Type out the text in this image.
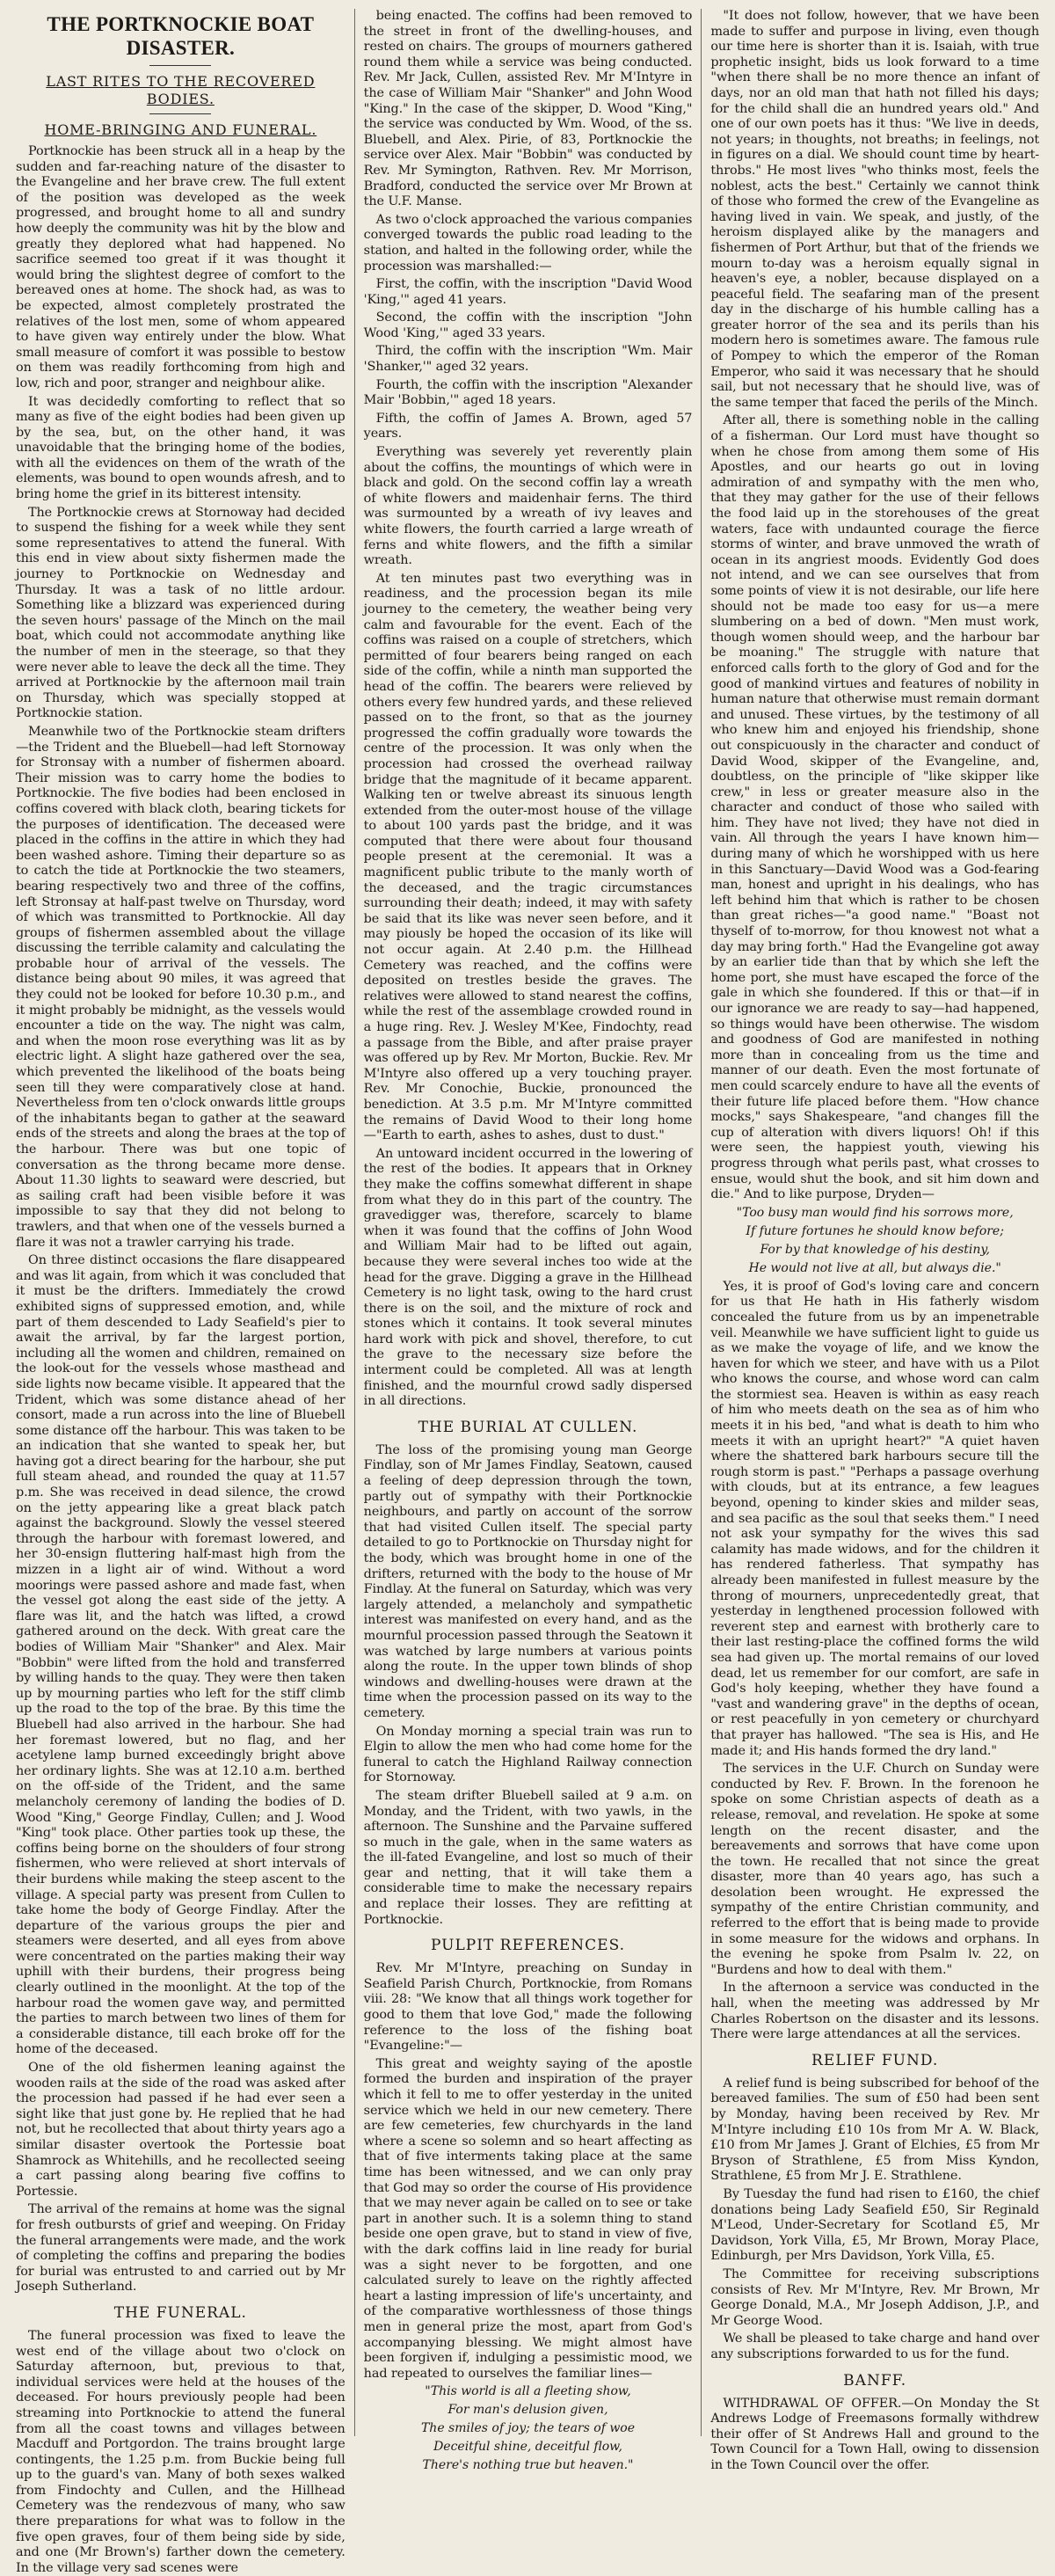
THE PORTKNOCKIE BOAT DISASTER.
LAST RITES TO THE RECOVERED BODIES.
HOME-BRINGING AND FUNERAL.

Portknockie has been struck all in a heap by the sudden and far-reaching nature of the disaster to the Evangeline and her brave crew. The full extent of the position was developed as the week progressed, and brought home to all and sundry how deeply the community was hit by the blow and greatly they deplored what had happened. No sacrifice seemed too great if it was thought it would bring the slightest degree of comfort to the bereaved ones at home. The shock had, as was to be expected, almost completely prostrated the relatives of the lost men, some of whom appeared to have given way entirely under the blow. What small measure of comfort it was possible to bestow on them was readily forthcoming from high and low, rich and poor, stranger and neighbour alike.

It was decidedly comforting to reflect that so many as five of the eight bodies had been given up by the sea, but, on the other hand, it was unavoidable that the bringing home of the bodies, with all the evidences on them of the wrath of the elements, was bound to open wounds afresh, and to bring home the grief in its bitterest intensity.

The Portknockie crews at Stornoway had decided to suspend the fishing for a week while they sent some representatives to attend the funeral. With this end in view about sixty fishermen made the journey to Portknockie on Wednesday and Thursday. It was a task of no little ardour. Something like a blizzard was experienced during the seven hours' passage of the Minch on the mail boat, which could not accommodate anything like the number of men in the steerage, so that they were never able to leave the deck all the time. They arrived at Portknockie by the afternoon mail train on Thursday, which was specially stopped at Portknockie station.

Meanwhile two of the Portknockie steam drifters—the Trident and the Bluebell—had left Stornoway for Stronsay with a number of fishermen aboard. Their mission was to carry home the bodies to Portknockie. The five bodies had been enclosed in coffins covered with black cloth, bearing tickets for the purposes of identification. The deceased were placed in the coffins in the attire in which they had been washed ashore. Timing their departure so as to catch the tide at Portknockie the two steamers, bearing respectively two and three of the coffins, left Stronsay at half-past twelve on Thursday, word of which was transmitted to Portknockie. All day groups of fishermen assembled about the village discussing the terrible calamity and calculating the probable hour of arrival of the vessels. The distance being about 90 miles, it was agreed that they could not be looked for before 10.30 p.m., and it might probably be midnight, as the vessels would encounter a tide on the way. The night was calm, and when the moon rose everything was lit as by electric light. A slight haze gathered over the sea, which prevented the likelihood of the boats being seen till they were comparatively close at hand. Nevertheless from ten o'clock onwards little groups of the inhabitants began to gather at the seaward ends of the streets and along the braes at the top of the harbour. There was but one topic of conversation as the throng became more dense. About 11.30 lights to seaward were descried, but as sailing craft had been visible before it was impossible to say that they did not belong to trawlers, and that when one of the vessels burned a flare it was not a trawler carrying his trade.

On three distinct occasions the flare disappeared and was lit again, from which it was concluded that it must be the drifters. Immediately the crowd exhibited signs of suppressed emotion, and, while part of them descended to Lady Seafield's pier to await the arrival, by far the largest portion, including all the women and children, remained on the look-out for the vessels whose masthead and side lights now became visible. It appeared that the Trident, which was some distance ahead of her consort, made a run across into the line of Bluebell some distance off the harbour. This was taken to be an indication that she wanted to speak her, but having got a direct bearing for the harbour, she put full steam ahead, and rounded the quay at 11.57 p.m. She was received in dead silence, the crowd on the jetty appearing like a great black patch against the background. Slowly the vessel steered through the harbour with foremast lowered, and her 30-ensign fluttering half-mast high from the mizzen in a light air of wind. Without a word moorings were passed ashore and made fast, when the vessel got along the east side of the jetty. A flare was lit, and the hatch was lifted, a crowd gathered around on the deck. With great care the bodies of William Mair "Shanker" and Alex. Mair "Bobbin" were lifted from the hold and transferred by willing hands to the quay. They were then taken up by mourning parties who left for the stiff climb up the road to the top of the brae. By this time the Bluebell had also arrived in the harbour. She had her foremast lowered, but no flag, and her acetylene lamp burned exceedingly bright above her ordinary lights. She was at 12.10 a.m. berthed on the off-side of the Trident, and the same melancholy ceremony of landing the bodies of D. Wood "King," George Findlay, Cullen; and J. Wood "King" took place. Other parties took up these, the coffins being borne on the shoulders of four strong fishermen, who were relieved at short intervals of their burdens while making the steep ascent to the village. A special party was present from Cullen to take home the body of George Findlay. After the departure of the various groups the pier and steamers were deserted, and all eyes from above were concentrated on the parties making their way uphill with their burdens, their progress being clearly outlined in the moonlight. At the top of the harbour road the women gave way, and permitted the parties to march between two lines of them for a considerable distance, till each broke off for the home of the deceased.

One of the old fishermen leaning against the wooden rails at the side of the road was asked after the procession had passed if he had ever seen a sight like that just gone by. He replied that he had not, but he recollected that about thirty years ago a similar disaster overtook the Portessie boat Shamrock as Whitehills, and he recollected seeing a cart passing along bearing five coffins to Portessie.

The arrival of the remains at home was the signal for fresh outbursts of grief and weeping. On Friday the funeral arrangements were made, and the work of completing the coffins and preparing the bodies for burial was entrusted to and carried out by Mr Joseph Sutherland.

THE FUNERAL.

The funeral procession was fixed to leave the west end of the village about two o'clock on Saturday afternoon, but, previous to that, individual services were held at the houses of the deceased. For hours previously people had been streaming into Portknockie to attend the funeral from all the coast towns and villages between Macduff and Portgordon. The trains brought large contingents, the 1.25 p.m. from Buckie being full up to the guard's van. Many of both sexes walked from Findochty and Cullen, and the Hillhead Cemetery was the rendezvous of many, who saw there preparations for what was to follow in the five open graves, four of them being side by side, and one (Mr Brown's) farther down the cemetery. In the village very sad scenes were

being enacted. The coffins had been removed to the street in front of the dwelling-houses, and rested on chairs. The groups of mourners gathered round them while a service was being conducted. Rev. Mr Jack, Cullen, assisted Rev. Mr M'Intyre in the case of William Mair "Shanker" and John Wood "King." In the case of the skipper, D. Wood "King," the service was conducted by Wm. Wood, of the ss. Bluebell, and Alex. Pirie, of 83, Portknockie the service over Alex. Mair "Bobbin" was conducted by Rev. Mr Symington, Rathven. Rev. Mr Morrison, Bradford, conducted the service over Mr Brown at the U.F. Manse.

As two o'clock approached the various companies converged towards the public road leading to the station, and halted in the following order, while the procession was marshalled:—

First, the coffin, with the inscription "David Wood 'King,'" aged 41 years.

Second, the coffin with the inscription "John Wood 'King,'" aged 33 years.

Third, the coffin with the inscription "Wm. Mair 'Shanker,'" aged 32 years.

Fourth, the coffin with the inscription "Alexander Mair 'Bobbin,'" aged 18 years.

Fifth, the coffin of James A. Brown, aged 57 years.

Everything was severely yet reverently plain about the coffins, the mountings of which were in black and gold. On the second coffin lay a wreath of white flowers and maidenhair ferns. The third was surmounted by a wreath of ivy leaves and white flowers, the fourth carried a large wreath of ferns and white flowers, and the fifth a similar wreath.

At ten minutes past two everything was in readiness, and the procession began its mile journey to the cemetery, the weather being very calm and favourable for the event. Each of the coffins was raised on a couple of stretchers, which permitted of four bearers being ranged on each side of the coffin, while a ninth man supported the head of the coffin. The bearers were relieved by others every few hundred yards, and these relieved passed on to the front, so that as the journey progressed the coffin gradually wore towards the centre of the procession. It was only when the procession had crossed the overhead railway bridge that the magnitude of it became apparent. Walking ten or twelve abreast its sinuous length extended from the outer-most house of the village to about 100 yards past the bridge, and it was computed that there were about four thousand people present at the ceremonial. It was a magnificent public tribute to the manly worth of the deceased, and the tragic circumstances surrounding their death; indeed, it may with safety be said that its like was never seen before, and it may piously be hoped the occasion of its like will not occur again. At 2.40 p.m. the Hillhead Cemetery was reached, and the coffins were deposited on trestles beside the graves. The relatives were allowed to stand nearest the coffins, while the rest of the assemblage crowded round in a huge ring. Rev. J. Wesley M'Kee, Findochty, read a passage from the Bible, and after praise prayer was offered up by Rev. Mr Morton, Buckie. Rev. Mr M'Intyre also offered up a very touching prayer. Rev. Mr Conochie, Buckie, pronounced the benediction. At 3.5 p.m. Mr M'Intyre committed the remains of David Wood to their long home—"Earth to earth, ashes to ashes, dust to dust."

An untoward incident occurred in the lowering of the rest of the bodies. It appears that in Orkney they make the coffins somewhat different in shape from what they do in this part of the country. The gravedigger was, therefore, scarcely to blame when it was found that the coffins of John Wood and William Mair had to be lifted out again, because they were several inches too wide at the head for the grave. Digging a grave in the Hillhead Cemetery is no light task, owing to the hard crust there is on the soil, and the mixture of rock and stones which it contains. It took several minutes hard work with pick and shovel, therefore, to cut the grave to the necessary size before the interment could be completed. All was at length finished, and the mournful crowd sadly dispersed in all directions.

THE BURIAL AT CULLEN.

The loss of the promising young man George Findlay, son of Mr James Findlay, Seatown, caused a feeling of deep depression through the town, partly out of sympathy with their Portknockie neighbours, and partly on account of the sorrow that had visited Cullen itself. The special party detailed to go to Portknockie on Thursday night for the body, which was brought home in one of the drifters, returned with the body to the house of Mr Findlay. At the funeral on Saturday, which was very largely attended, a melancholy and sympathetic interest was manifested on every hand, and as the mournful procession passed through the Seatown it was watched by large numbers at various points along the route. In the upper town blinds of shop windows and dwelling-houses were drawn at the time when the procession passed on its way to the cemetery.

On Monday morning a special train was run to Elgin to allow the men who had come home for the funeral to catch the Highland Railway connection for Stornoway.

The steam drifter Bluebell sailed at 9 a.m. on Monday, and the Trident, with two yawls, in the afternoon. The Sunshine and the Parvaine suffered so much in the gale, when in the same waters as the ill-fated Evangeline, and lost so much of their gear and netting, that it will take them a considerable time to make the necessary repairs and replace their losses. They are refitting at Portknockie.

PULPIT REFERENCES.

Rev. Mr M'Intyre, preaching on Sunday in Seafield Parish Church, Portknockie, from Romans viii. 28: "We know that all things work together for good to them that love God," made the following reference to the loss of the fishing boat "Evangeline:"—

This great and weighty saying of the apostle formed the burden and inspiration of the prayer which it fell to me to offer yesterday in the united service which we held in our new cemetery. There are few cemeteries, few churchyards in the land where a scene so solemn and so heart affecting as that of five interments taking place at the same time has been witnessed, and we can only pray that God may so order the course of His providence that we may never again be called on to see or take part in another such. It is a solemn thing to stand beside one open grave, but to stand in view of five, with the dark coffins laid in line ready for burial was a sight never to be forgotten, and one calculated surely to leave on the rightly affected heart a lasting impression of life's uncertainty, and of the comparative worthlessness of those things men in general prize the most, apart from God's accompanying blessing. We might almost have been forgiven if, indulging a pessimistic mood, we had repeated to ourselves the familiar lines—

"This world is all a fleeting show,
For man's delusion given,
The smiles of joy; the tears of woe
Deceitful shine, deceitful flow,
There's nothing true but heaven."

"It does not follow, however, that we have been made to suffer and purpose in living, even though our time here is shorter than it is. Isaiah, with true prophetic insight, bids us look forward to a time "when there shall be no more thence an infant of days, nor an old man that hath not filled his days; for the child shall die an hundred years old." And one of our own poets has it thus: "We live in deeds, not years; in thoughts, not breaths; in feelings, not in figures on a dial. We should count time by heart-throbs." He most lives "who thinks most, feels the noblest, acts the best." Certainly we cannot think of those who formed the crew of the Evangeline as having lived in vain. We speak, and justly, of the heroism displayed alike by the managers and fishermen of Port Arthur, but that of the friends we mourn to-day was a heroism equally signal in heaven's eye, a nobler, because displayed on a peaceful field. The seafaring man of the present day in the discharge of his humble calling has a greater horror of the sea and its perils than his modern hero is sometimes aware. The famous rule of Pompey to which the emperor of the Roman Emperor, who said it was necessary that he should sail, but not necessary that he should live, was of the same temper that faced the perils of the Minch.

After all, there is something noble in the calling of a fisherman. Our Lord must have thought so when he chose from among them some of His Apostles, and our hearts go out in loving admiration of and sympathy with the men who, that they may gather for the use of their fellows the food laid up in the storehouses of the great waters, face with undaunted courage the fierce storms of winter, and brave unmoved the wrath of ocean in its angriest moods. Evidently God does not intend, and we can see ourselves that from some points of view it is not desirable, our life here should not be made too easy for us—a mere slumbering on a bed of down. "Men must work, though women should weep, and the harbour bar be moaning." The struggle with nature that enforced calls forth to the glory of God and for the good of mankind virtues and features of nobility in human nature that otherwise must remain dormant and unused. These virtues, by the testimony of all who knew him and enjoyed his friendship, shone out conspicuously in the character and conduct of David Wood, skipper of the Evangeline, and, doubtless, on the principle of "like skipper like crew," in less or greater measure also in the character and conduct of those who sailed with him. They have not lived; they have not died in vain. All through the years I have known him—during many of which he worshipped with us here in this Sanctuary—David Wood was a God-fearing man, honest and upright in his dealings, who has left behind him that which is rather to be chosen than great riches—"a good name." "Boast not thyself of to-morrow, for thou knowest not what a day may bring forth." Had the Evangeline got away by an earlier tide than that by which she left the home port, she must have escaped the force of the gale in which she foundered. If this or that—if in our ignorance we are ready to say—had happened, so things would have been otherwise. The wisdom and goodness of God are manifested in nothing more than in concealing from us the time and manner of our death. Even the most fortunate of men could scarcely endure to have all the events of their future life placed before them. "How chance mocks," says Shakespeare, "and changes fill the cup of alteration with divers liquors! Oh! if this were seen, the happiest youth, viewing his progress through what perils past, what crosses to ensue, would shut the book, and sit him down and die." And to like purpose, Dryden—

"Too busy man would find his sorrows more,
If future fortunes he should know before;
For by that knowledge of his destiny,
He would not live at all, but always die."

Yes, it is proof of God's loving care and concern for us that He hath in His fatherly wisdom concealed the future from us by an impenetrable veil. Meanwhile we have sufficient light to guide us as we make the voyage of life, and we know the haven for which we steer, and have with us a Pilot who knows the course, and whose word can calm the stormiest sea. Heaven is within as easy reach of him who meets death on the sea as of him who meets it in his bed, "and what is death to him who meets it with an upright heart?" "A quiet haven where the shattered bark harbours secure till the rough storm is past." "Perhaps a passage overhung with clouds, but at its entrance, a few leagues beyond, opening to kinder skies and milder seas, and sea pacific as the soul that seeks them." I need not ask your sympathy for the wives this sad calamity has made widows, and for the children it has rendered fatherless. That sympathy has already been manifested in fullest measure by the throng of mourners, unprecedentedly great, that yesterday in lengthened procession followed with reverent step and earnest with brotherly care to their last resting-place the coffined forms the wild sea had given up. The mortal remains of our loved dead, let us remember for our comfort, are safe in God's holy keeping, whether they have found a "vast and wandering grave" in the depths of ocean, or rest peacefully in yon cemetery or churchyard that prayer has hallowed. "The sea is His, and He made it; and His hands formed the dry land."

The services in the U.F. Church on Sunday were conducted by Rev. F. Brown. In the forenoon he spoke on some Christian aspects of death as a release, removal, and revelation. He spoke at some length on the recent disaster, and the bereavements and sorrows that have come upon the town. He recalled that not since the great disaster, more than 40 years ago, has such a desolation been wrought. He expressed the sympathy of the entire Christian community, and referred to the effort that is being made to provide in some measure for the widows and orphans. In the evening he spoke from Psalm lv. 22, on "Burdens and how to deal with them."

In the afternoon a service was conducted in the hall, when the meeting was addressed by Mr Charles Robertson on the disaster and its lessons. There were large attendances at all the services.

RELIEF FUND.

A relief fund is being subscribed for behoof of the bereaved families. The sum of £50 had been sent by Monday, having been received by Rev. Mr M'Intyre including £10 10s from Mr A. W. Black, £10 from Mr James J. Grant of Elchies, £5 from Mr Bryson of Strathlene, £5 from Miss Kyndon, Strathlene, £5 from Mr J. E. Strathlene.

By Tuesday the fund had risen to £160, the chief donations being Lady Seafield £50, Sir Reginald M'Leod, Under-Secretary for Scotland £5, Mr Davidson, York Villa, £5, Mr Brown, Moray Place, Edinburgh, per Mrs Davidson, York Villa, £5.

The Committee for receiving subscriptions consists of Rev. Mr M'Intyre, Rev. Mr Brown, Mr George Donald, M.A., Mr Joseph Addison, J.P., and Mr George Wood.

We shall be pleased to take charge and hand over any subscriptions forwarded to us for the fund.

BANFF.

WITHDRAWAL OF OFFER.—On Monday the St Andrews Lodge of Freemasons formally withdrew their offer of St Andrews Hall and ground to the Town Council for a Town Hall, owing to dissension in the Town Council over the offer.
